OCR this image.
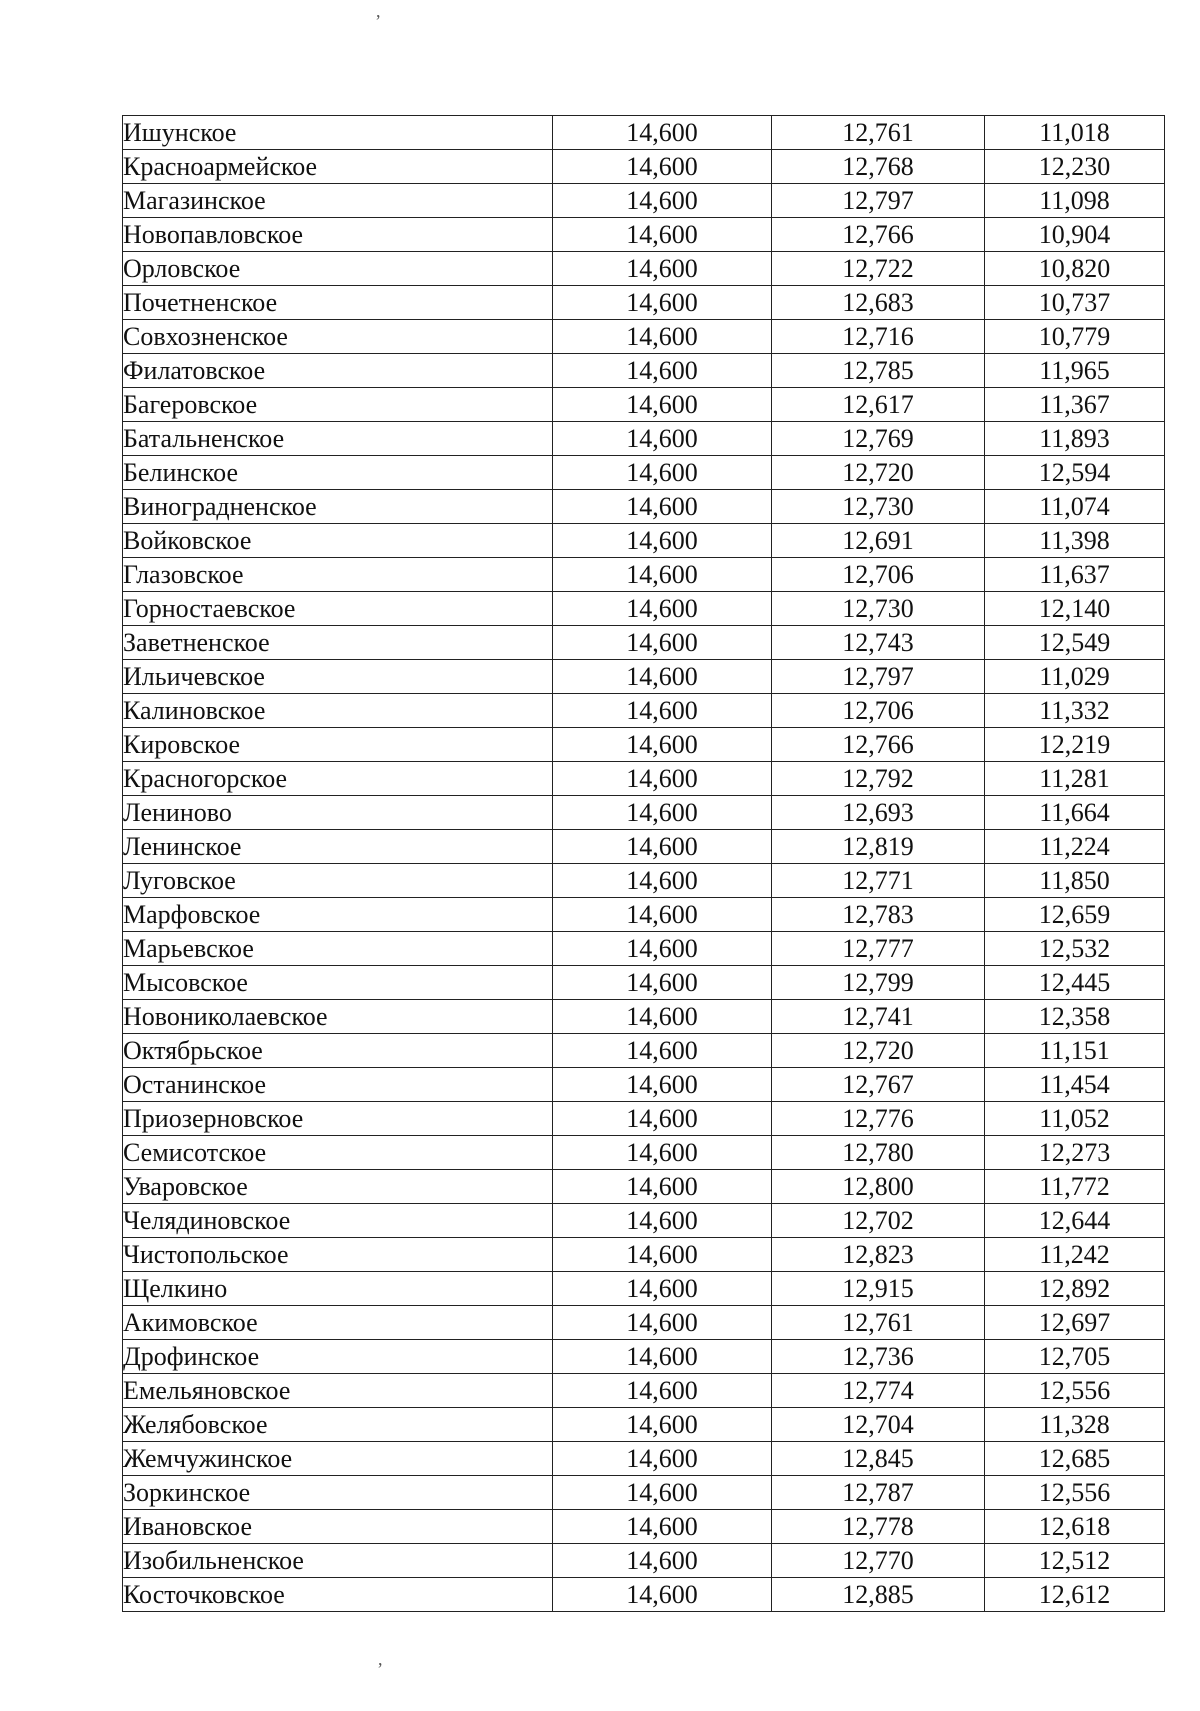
,
,
Ишунское	14,600	12,761	11,018
Красноармейское	14,600	12,768	12,230
Магазинское	14,600	12,797	11,098
Новопавловское	14,600	12,766	10,904
Орловское	14,600	12,722	10,820
Почетненское	14,600	12,683	10,737
Совхозненское	14,600	12,716	10,779
Филатовское	14,600	12,785	11,965
Багеровское	14,600	12,617	11,367
Батальненское	14,600	12,769	11,893
Белинское	14,600	12,720	12,594
Виноградненское	14,600	12,730	11,074
Войковское	14,600	12,691	11,398
Глазовское	14,600	12,706	11,637
Горностаевское	14,600	12,730	12,140
Заветненское	14,600	12,743	12,549
Ильичевское	14,600	12,797	11,029
Калиновское	14,600	12,706	11,332
Кировское	14,600	12,766	12,219
Красногорское	14,600	12,792	11,281
Лениново	14,600	12,693	11,664
Ленинское	14,600	12,819	11,224
Луговское	14,600	12,771	11,850
Марфовское	14,600	12,783	12,659
Марьевское	14,600	12,777	12,532
Мысовское	14,600	12,799	12,445
Новониколаевское	14,600	12,741	12,358
Октябрьское	14,600	12,720	11,151
Останинское	14,600	12,767	11,454
Приозерновское	14,600	12,776	11,052
Семисотское	14,600	12,780	12,273
Уваровское	14,600	12,800	11,772
Челядиновское	14,600	12,702	12,644
Чистопольское	14,600	12,823	11,242
Щелкино	14,600	12,915	12,892
Акимовское	14,600	12,761	12,697
Дрофинское	14,600	12,736	12,705
Емельяновское	14,600	12,774	12,556
Желябовское	14,600	12,704	11,328
Жемчужинское	14,600	12,845	12,685
Зоркинское	14,600	12,787	12,556
Ивановское	14,600	12,778	12,618
Изобильненское	14,600	12,770	12,512
Косточковское	14,600	12,885	12,612
